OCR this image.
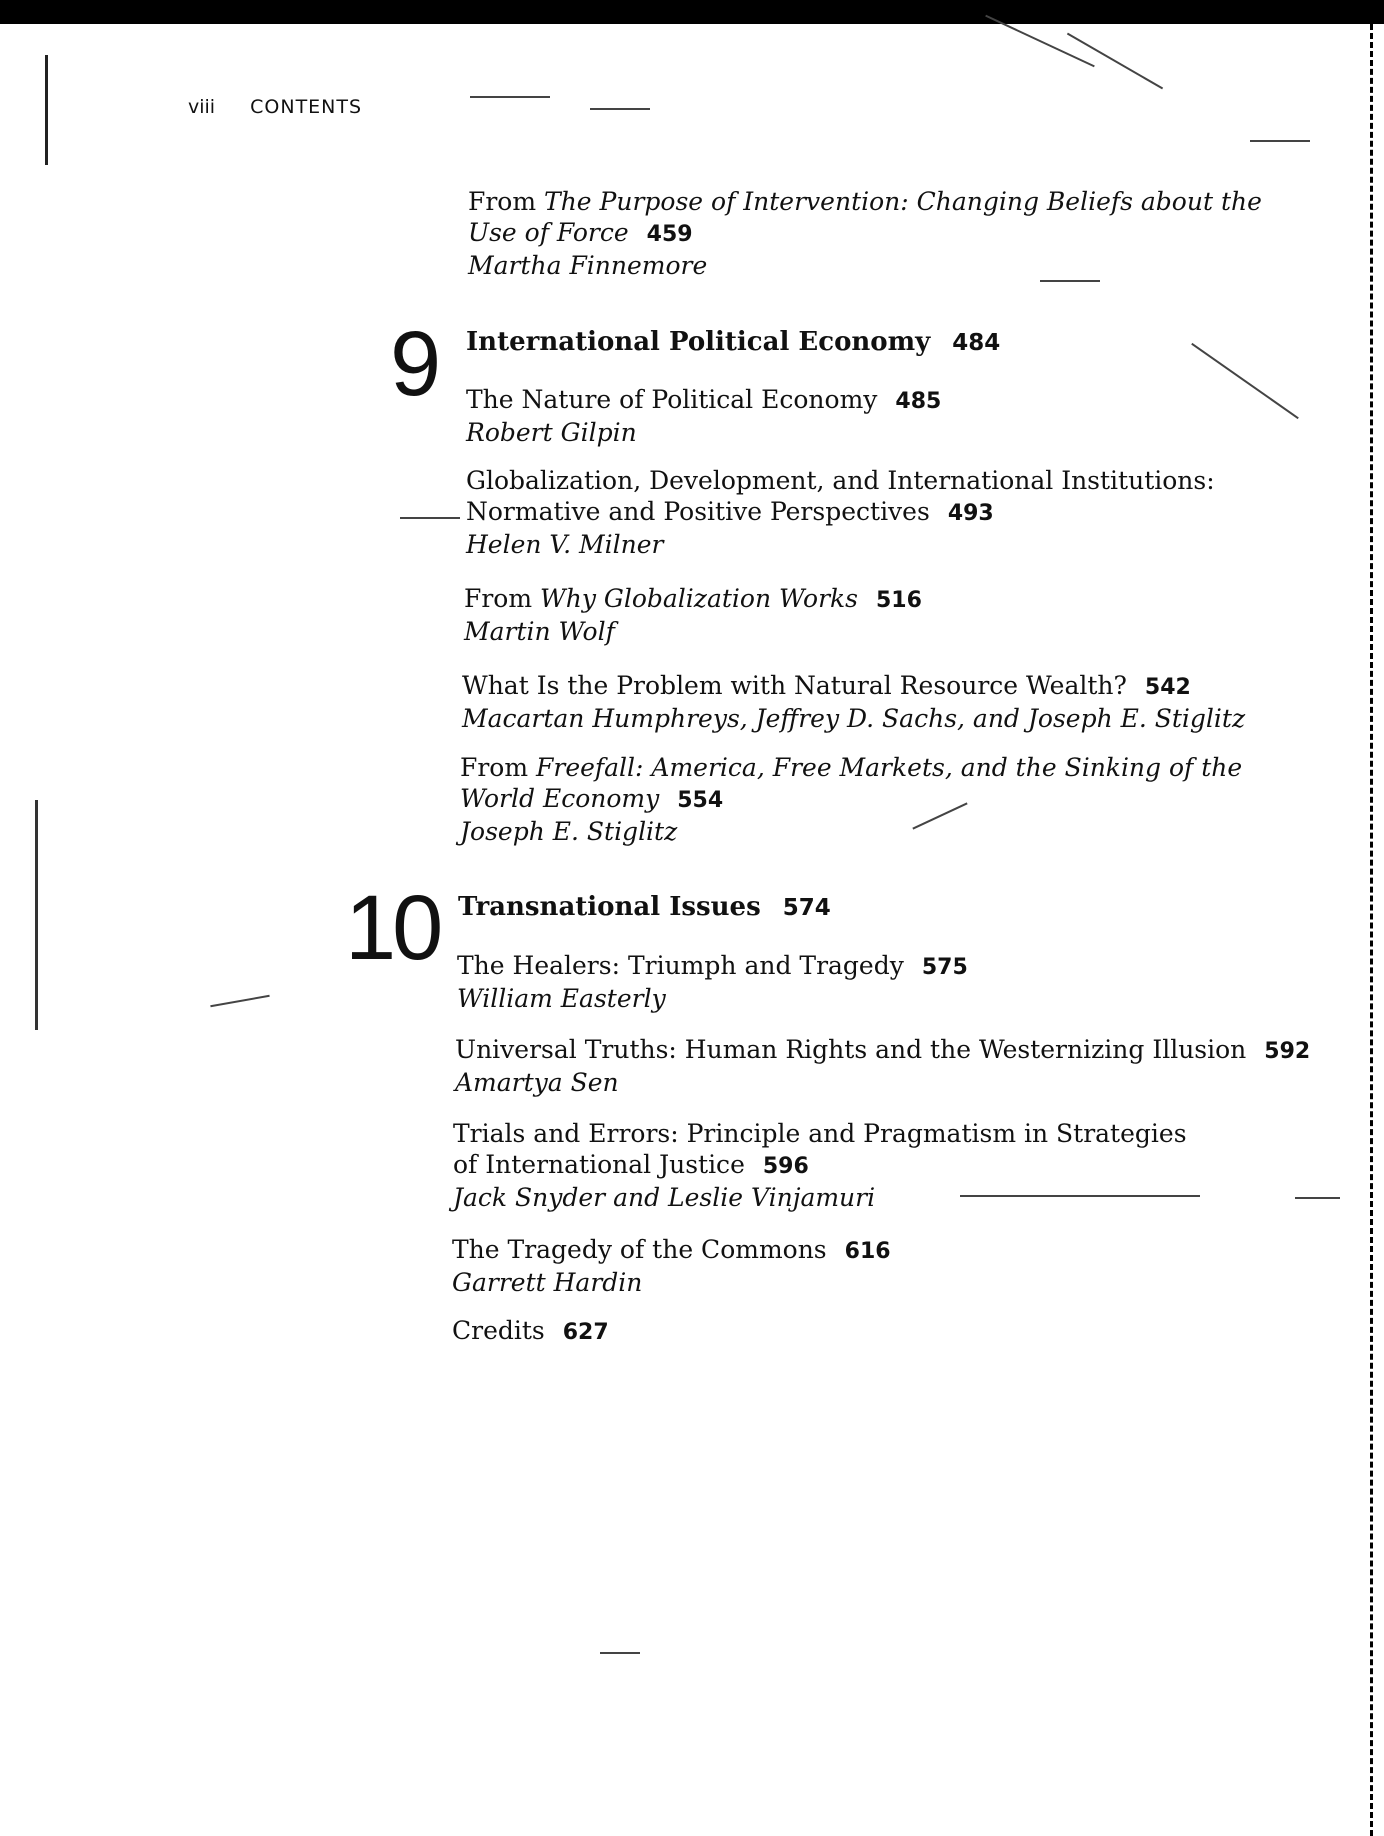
viii CONTENTS
From The Purpose of Intervention: Changing Beliefs about the Use of Force 459
Martha Finnemore
9 International Political Economy 484
The Nature of Political Economy 485
Robert Gilpin
Globalization, Development, and International Institutions: Normative and Positive Perspectives 493
Helen V. Milner
From Why Globalization Works 516
Martin Wolf
What Is the Problem with Natural Resource Wealth? 542
Macartan Humphreys, Jeffrey D. Sachs, and Joseph E. Stiglitz
From Freefall: America, Free Markets, and the Sinking of the World Economy 554
Joseph E. Stiglitz
10 Transnational Issues 574
The Healers: Triumph and Tragedy 575
William Easterly
Universal Truths: Human Rights and the Westernizing Illusion 592
Amartya Sen
Trials and Errors: Principle and Pragmatism in Strategies of International Justice 596
Jack Snyder and Leslie Vinjamuri
The Tragedy of the Commons 616
Garrett Hardin
Credits 627
